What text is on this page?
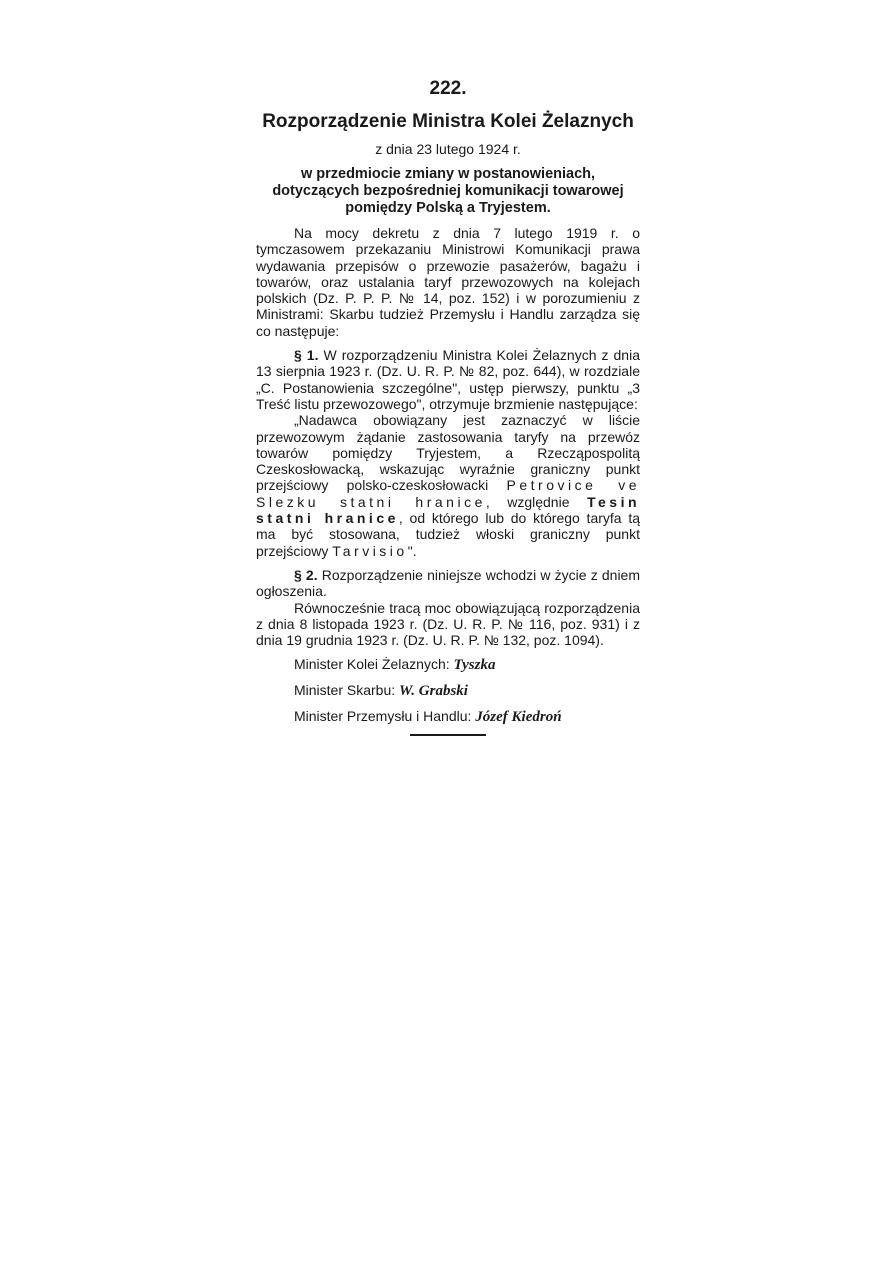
222.
Rozporządzenie Ministra Kolei Żelaznych
z dnia 23 lutego 1924 r.
w przedmiocie zmiany w postanowieniach, dotyczących bezpośredniej komunikacji towarowej pomiędzy Polską a Tryjestem.

Na mocy dekretu z dnia 7 lutego 1919 r. o tymczasowem przekazaniu Ministrowi Komunikacji prawa wydawania przepisów o przewozie pasażerów, bagażu i towarów, oraz ustalania taryf przewozowych na kolejach polskich (Dz. P. P. P. № 14, poz. 152) i w porozumieniu z Ministrami: Skarbu tudzież Przemysłu i Handlu zarządza się co następuje:

§ 1. W rozporządzeniu Ministra Kolei Żelaznych z dnia 13 sierpnia 1923 r. (Dz. U. R. P. № 82, poz. 644), w rozdziale „C. Postanowienia szczególne", ustęp pierwszy, punktu „3 Treść listu przewozowego", otrzymuje brzmienie następujące:

„Nadawca obowiązany jest zaznaczyć w liście przewozowym żądanie zastosowania taryfy na przewóz towarów pomiędzy Tryjestem, a Rzecząpospolitą Czeskosłowacką, wskazując wyraźnie graniczny punkt przejściowy polsko-czeskosłowacki Petrovice ve Slezku statni hranice, względnie Tesin statni hranice, od którego lub do którego taryfa tą ma być stosowana, tudzież włoski graniczny punkt przejściowy Tarvisio".

§ 2. Rozporządzenie niniejsze wchodzi w życie z dniem ogłoszenia.

Równocześnie tracą moc obowiązującą rozporządzenia z dnia 8 listopada 1923 r. (Dz. U. R. P. № 116, poz. 931) i z dnia 19 grudnia 1923 r. (Dz. U. R. P. № 132, poz. 1094).

Minister Kolei Żelaznych: Tyszka
Minister Skarbu: W. Grabski
Minister Przemysłu i Handlu: Józef Kiedroń
